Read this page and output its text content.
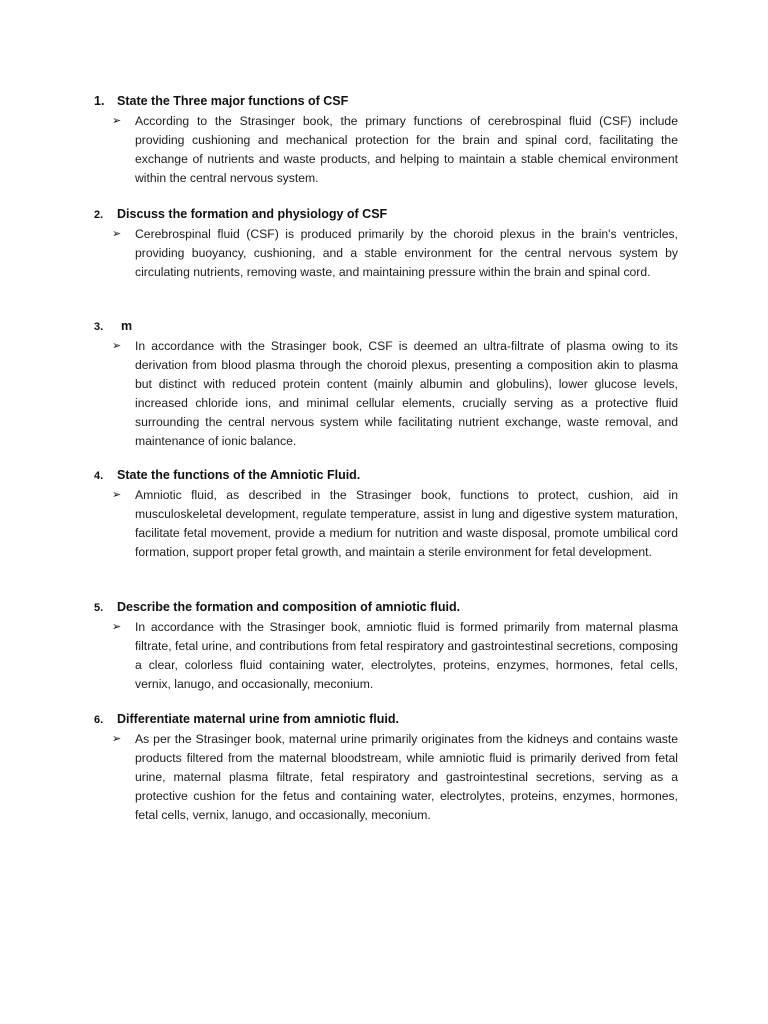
1.	State the Three major functions of CSF
➢	According to the Strasinger book, the primary functions of cerebrospinal fluid (CSF) include providing cushioning and mechanical protection for the brain and spinal cord, facilitating the exchange of nutrients and waste products, and helping to maintain a stable chemical environment within the central nervous system.
2.	Discuss the formation and physiology of CSF
➢	Cerebrospinal fluid (CSF) is produced primarily by the choroid plexus in the brain's ventricles, providing buoyancy, cushioning, and a stable environment for the central nervous system by circulating nutrients, removing waste, and maintaining pressure within the brain and spinal cord.
3.	m
➢	In accordance with the Strasinger book, CSF is deemed an ultra-filtrate of plasma owing to its derivation from blood plasma through the choroid plexus, presenting a composition akin to plasma but distinct with reduced protein content (mainly albumin and globulins), lower glucose levels, increased chloride ions, and minimal cellular elements, crucially serving as a protective fluid surrounding the central nervous system while facilitating nutrient exchange, waste removal, and maintenance of ionic balance.
4.	State the functions of the Amniotic Fluid.
➢	Amniotic fluid, as described in the Strasinger book, functions to protect, cushion, aid in musculoskeletal development, regulate temperature, assist in lung and digestive system maturation, facilitate fetal movement, provide a medium for nutrition and waste disposal, promote umbilical cord formation, support proper fetal growth, and maintain a sterile environment for fetal development.
5.	Describe the formation and composition of amniotic fluid.
➢	In accordance with the Strasinger book, amniotic fluid is formed primarily from maternal plasma filtrate, fetal urine, and contributions from fetal respiratory and gastrointestinal secretions, composing a clear, colorless fluid containing water, electrolytes, proteins, enzymes, hormones, fetal cells, vernix, lanugo, and occasionally, meconium.
6.	Differentiate maternal urine from amniotic fluid.
➢	As per the Strasinger book, maternal urine primarily originates from the kidneys and contains waste products filtered from the maternal bloodstream, while amniotic fluid is primarily derived from fetal urine, maternal plasma filtrate, fetal respiratory and gastrointestinal secretions, serving as a protective cushion for the fetus and containing water, electrolytes, proteins, enzymes, hormones, fetal cells, vernix, lanugo, and occasionally, meconium.
